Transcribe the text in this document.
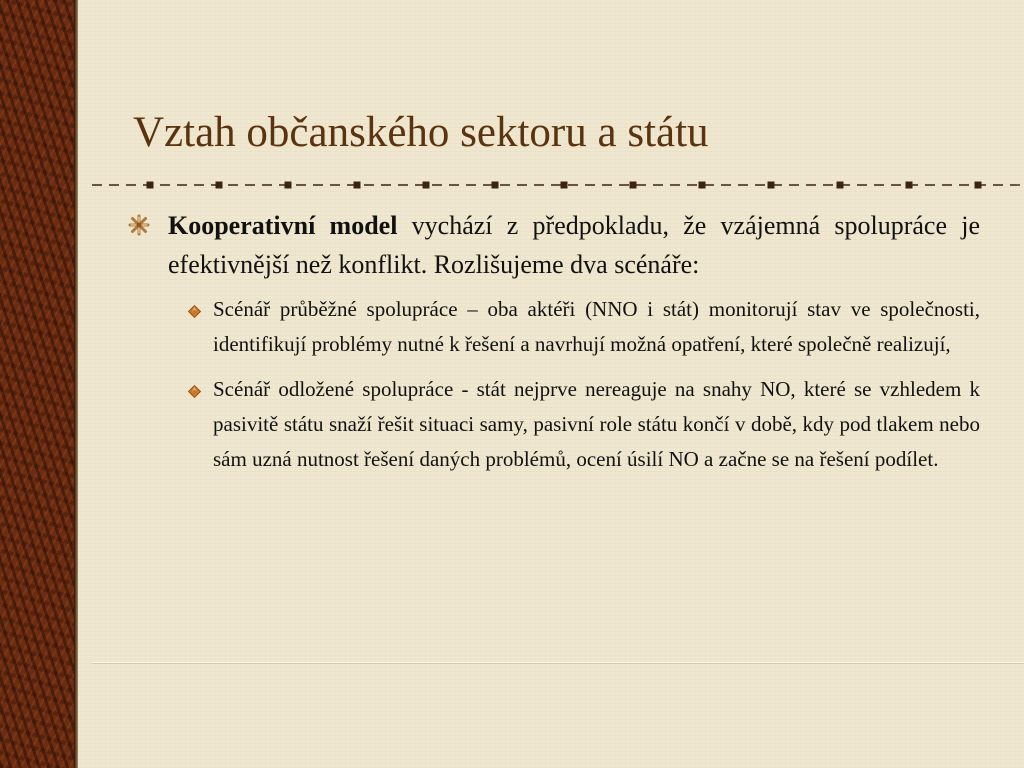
Vztah občanského sektoru a státu

Kooperativní model vychází z předpokladu, že vzájemná spolupráce je efektivnější než konflikt. Rozlišujeme dva scénáře:

Scénář průběžné spolupráce – oba aktéři (NNO i stát) monitorují stav ve společnosti, identifikují problémy nutné k řešení a navrhují možná opatření, které společně realizují,
Scénář odložené spolupráce - stát nejprve nereaguje na snahy NO, které se vzhledem k pasivitě státu snaží řešit situaci samy, pasivní role státu končí v době, kdy pod tlakem nebo sám uzná nutnost řešení daných problémů, ocení úsilí NO a začne se na řešení podílet.
